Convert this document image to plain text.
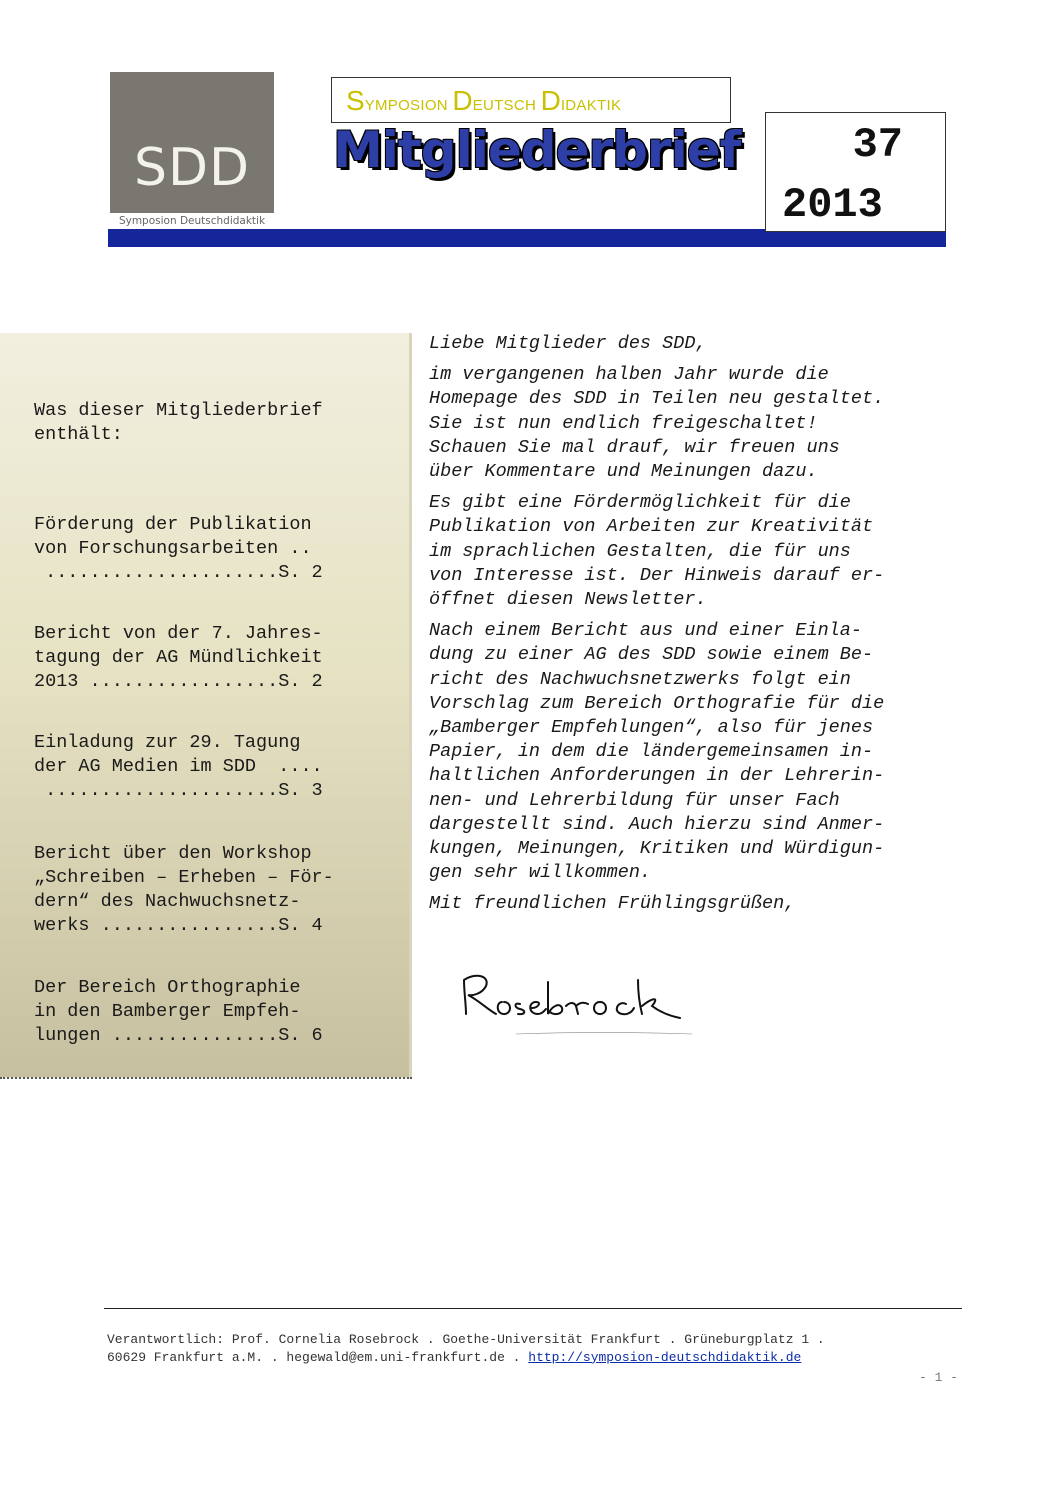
SDD
Symposion Deutschdidaktik
SYMPOSION DEUTSCH DIDAKTIK
Mitgliederbrief	37
2013
Was dieser Mitgliederbrief
enthält:
Förderung der Publikation
von Forschungsarbeiten ..
.....................S. 2
Bericht von der 7. Jahres-
tagung der AG Mündlichkeit
2013 .................S. 2
Einladung zur 29. Tagung
der AG Medien im SDD  ....
.....................S. 3
Bericht über den Workshop
„Schreiben – Erheben – För-
dern“ des Nachwuchsnetz-
werks ................S. 4
Der Bereich Orthographie
in den Bamberger Empfeh-
lungen ...............S. 6

Liebe Mitglieder des SDD,

im vergangenen halben Jahr wurde die
Homepage des SDD in Teilen neu gestaltet.
Sie ist nun endlich freigeschaltet!
Schauen Sie mal drauf, wir freuen uns
über Kommentare und Meinungen dazu.

Es gibt eine Fördermöglichkeit für die
Publikation von Arbeiten zur Kreativität
im sprachlichen Gestalten, die für uns
von Interesse ist. Der Hinweis darauf er-
öffnet diesen Newsletter.

Nach einem Bericht aus und einer Einla-
dung zu einer AG des SDD sowie einem Be-
richt des Nachwuchsnetzwerks folgt ein
Vorschlag zum Bereich Orthografie für die
„Bamberger Empfehlungen“, also für jenes
Papier, in dem die ländergemeinsamen in-
haltlichen Anforderungen in der Lehrerin-
nen- und Lehrerbildung für unser Fach
dargestellt sind. Auch hierzu sind Anmer-
kungen, Meinungen, Kritiken und Würdigun-
gen sehr willkommen.

Mit freundlichen Frühlingsgrüßen,

Verantwortlich: Prof. Cornelia Rosebrock . Goethe-Universität Frankfurt . Grüneburgplatz 1 .
60629 Frankfurt a.M. . hegewald@em.uni-frankfurt.de . http://symposion-deutschdidaktik.de
- 1 -
